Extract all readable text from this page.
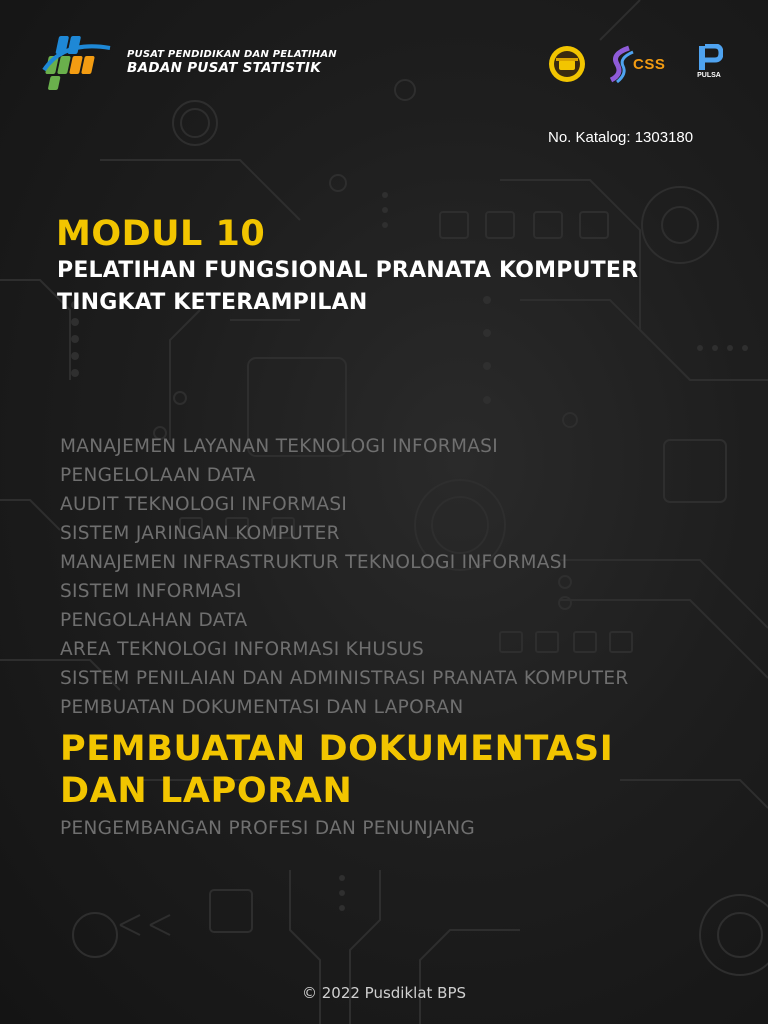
PUSAT PENDIDIKAN DAN PELATIHAN
BADAN PUSAT STATISTIK	CSS
PULSA
No. Katalog: 1303180
MODUL 10
PELATIHAN FUNGSIONAL PRANATA KOMPUTER
TINGKAT KETERAMPILAN
MANAJEMEN LAYANAN TEKNOLOGI INFORMASI
PENGELOLAAN DATA
AUDIT TEKNOLOGI INFORMASI
SISTEM JARINGAN KOMPUTER
MANAJEMEN INFRASTRUKTUR TEKNOLOGI INFORMASI
SISTEM INFORMASI
PENGOLAHAN DATA
AREA TEKNOLOGI INFORMASI KHUSUS
SISTEM PENILAIAN DAN ADMINISTRASI PRANATA KOMPUTER
PEMBUATAN DOKUMENTASI DAN LAPORAN
PEMBUATAN DOKUMENTASI
DAN LAPORAN
PENGEMBANGAN PROFESI DAN PENUNJANG
© 2022 Pusdiklat BPS
